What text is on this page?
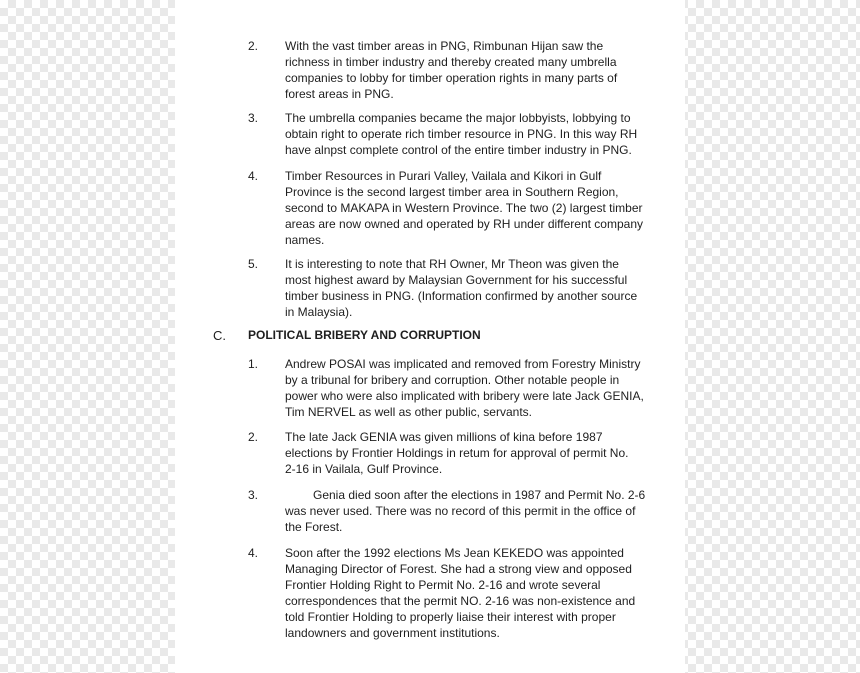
2. With the vast timber areas in PNG, Rimbunan Hijan saw the
richness in timber industry and thereby created many umbrella
companies to lobby for timber operation rights in many parts of
forest areas in PNG.
3. The umbrella companies became the major lobbyists, lobbying to
obtain right to operate rich timber resource in PNG. In this way RH
have alnpst complete control of the entire timber industry in PNG.
4. Timber Resources in Purari Valley, Vailala and Kikori in Gulf
Province is the second largest timber area in Southern Region,
second to MAKAPA in Western Province. The two (2) largest timber
areas are now owned and operated by RH under different company
names.
5. It is interesting to note that RH Owner, Mr Theon was given the
most highest award by Malaysian Government for his successful
timber business in PNG. (Information confirmed by another source
in Malaysia).
C. POLITICAL BRIBERY AND CORRUPTION
1. Andrew POSAI was implicated and removed from Forestry Ministry
by a tribunal for bribery and corruption. Other notable people in
power who were also implicated with bribery were late Jack GENIA,
Tim NERVEL as well as other public, servants.
2. The late Jack GENIA was given millions of kina before 1987
elections by Frontier Holdings in retum for approval of permit No.
2-16 in Vailala, Gulf Province.
3.	Genia died soon after the elections in 1987 and Permit No. 2-6
was never used. There was no record of this permit in the office of
the Forest.
4. Soon after the 1992 elections Ms Jean KEKEDO was appointed
Managing Director of Forest. She had a strong view and opposed
Frontier Holding Right to Permit No. 2-16 and wrote several
correspondences that the permit NO. 2-16 was non-existence and
told Frontier Holding to properly liaise their interest with proper
landowners and government institutions.
